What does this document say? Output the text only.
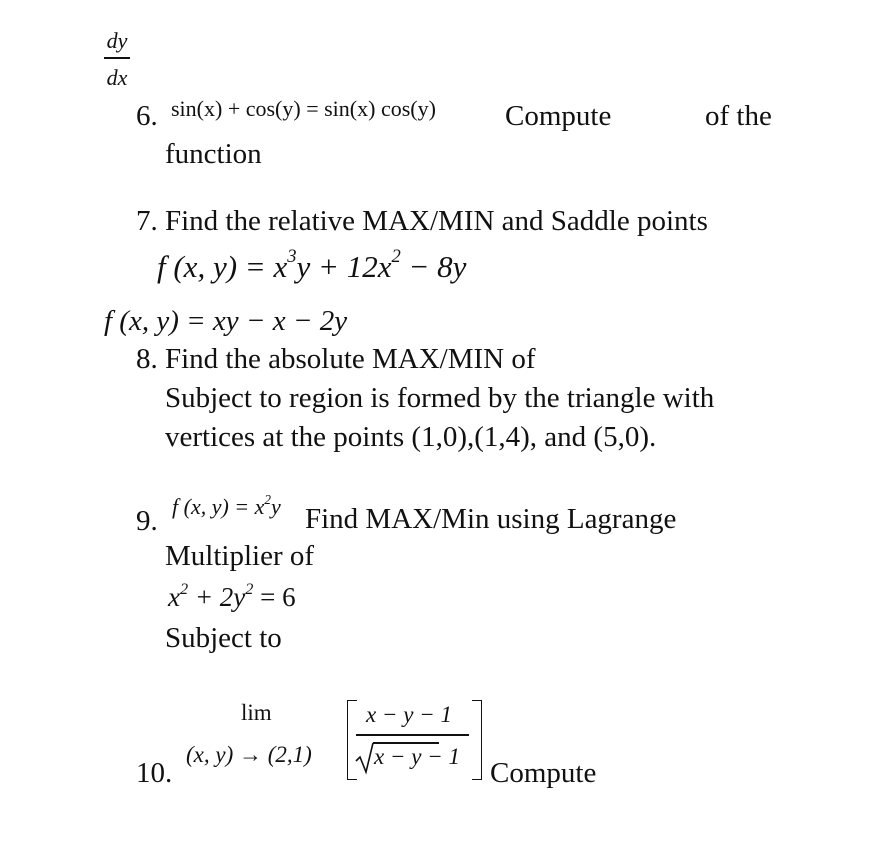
dy
dx
6. sin(x) + cos(y) = sin(x) cos(y) Compute	of the
function
7. Find the relative MAX/MIN and Saddle points
f (x, $y) = x^3y + 12x^2 - 8y$
f (x, y) = xy − x − 2y
8. Find the absolute MAX/MIN of
Subject to region is formed by the triangle with
vertices at the points (1,0),(1,4), and (5,0).
9. f (x, $y) = x^2y$ Find MAX/Min using Lagrange
Multiplier of
$x^2 + 2y^2 = 6$
Subject to
lim
(x, y) → (2,1)
x − y − 1
x − y − 1
10.	Compute
